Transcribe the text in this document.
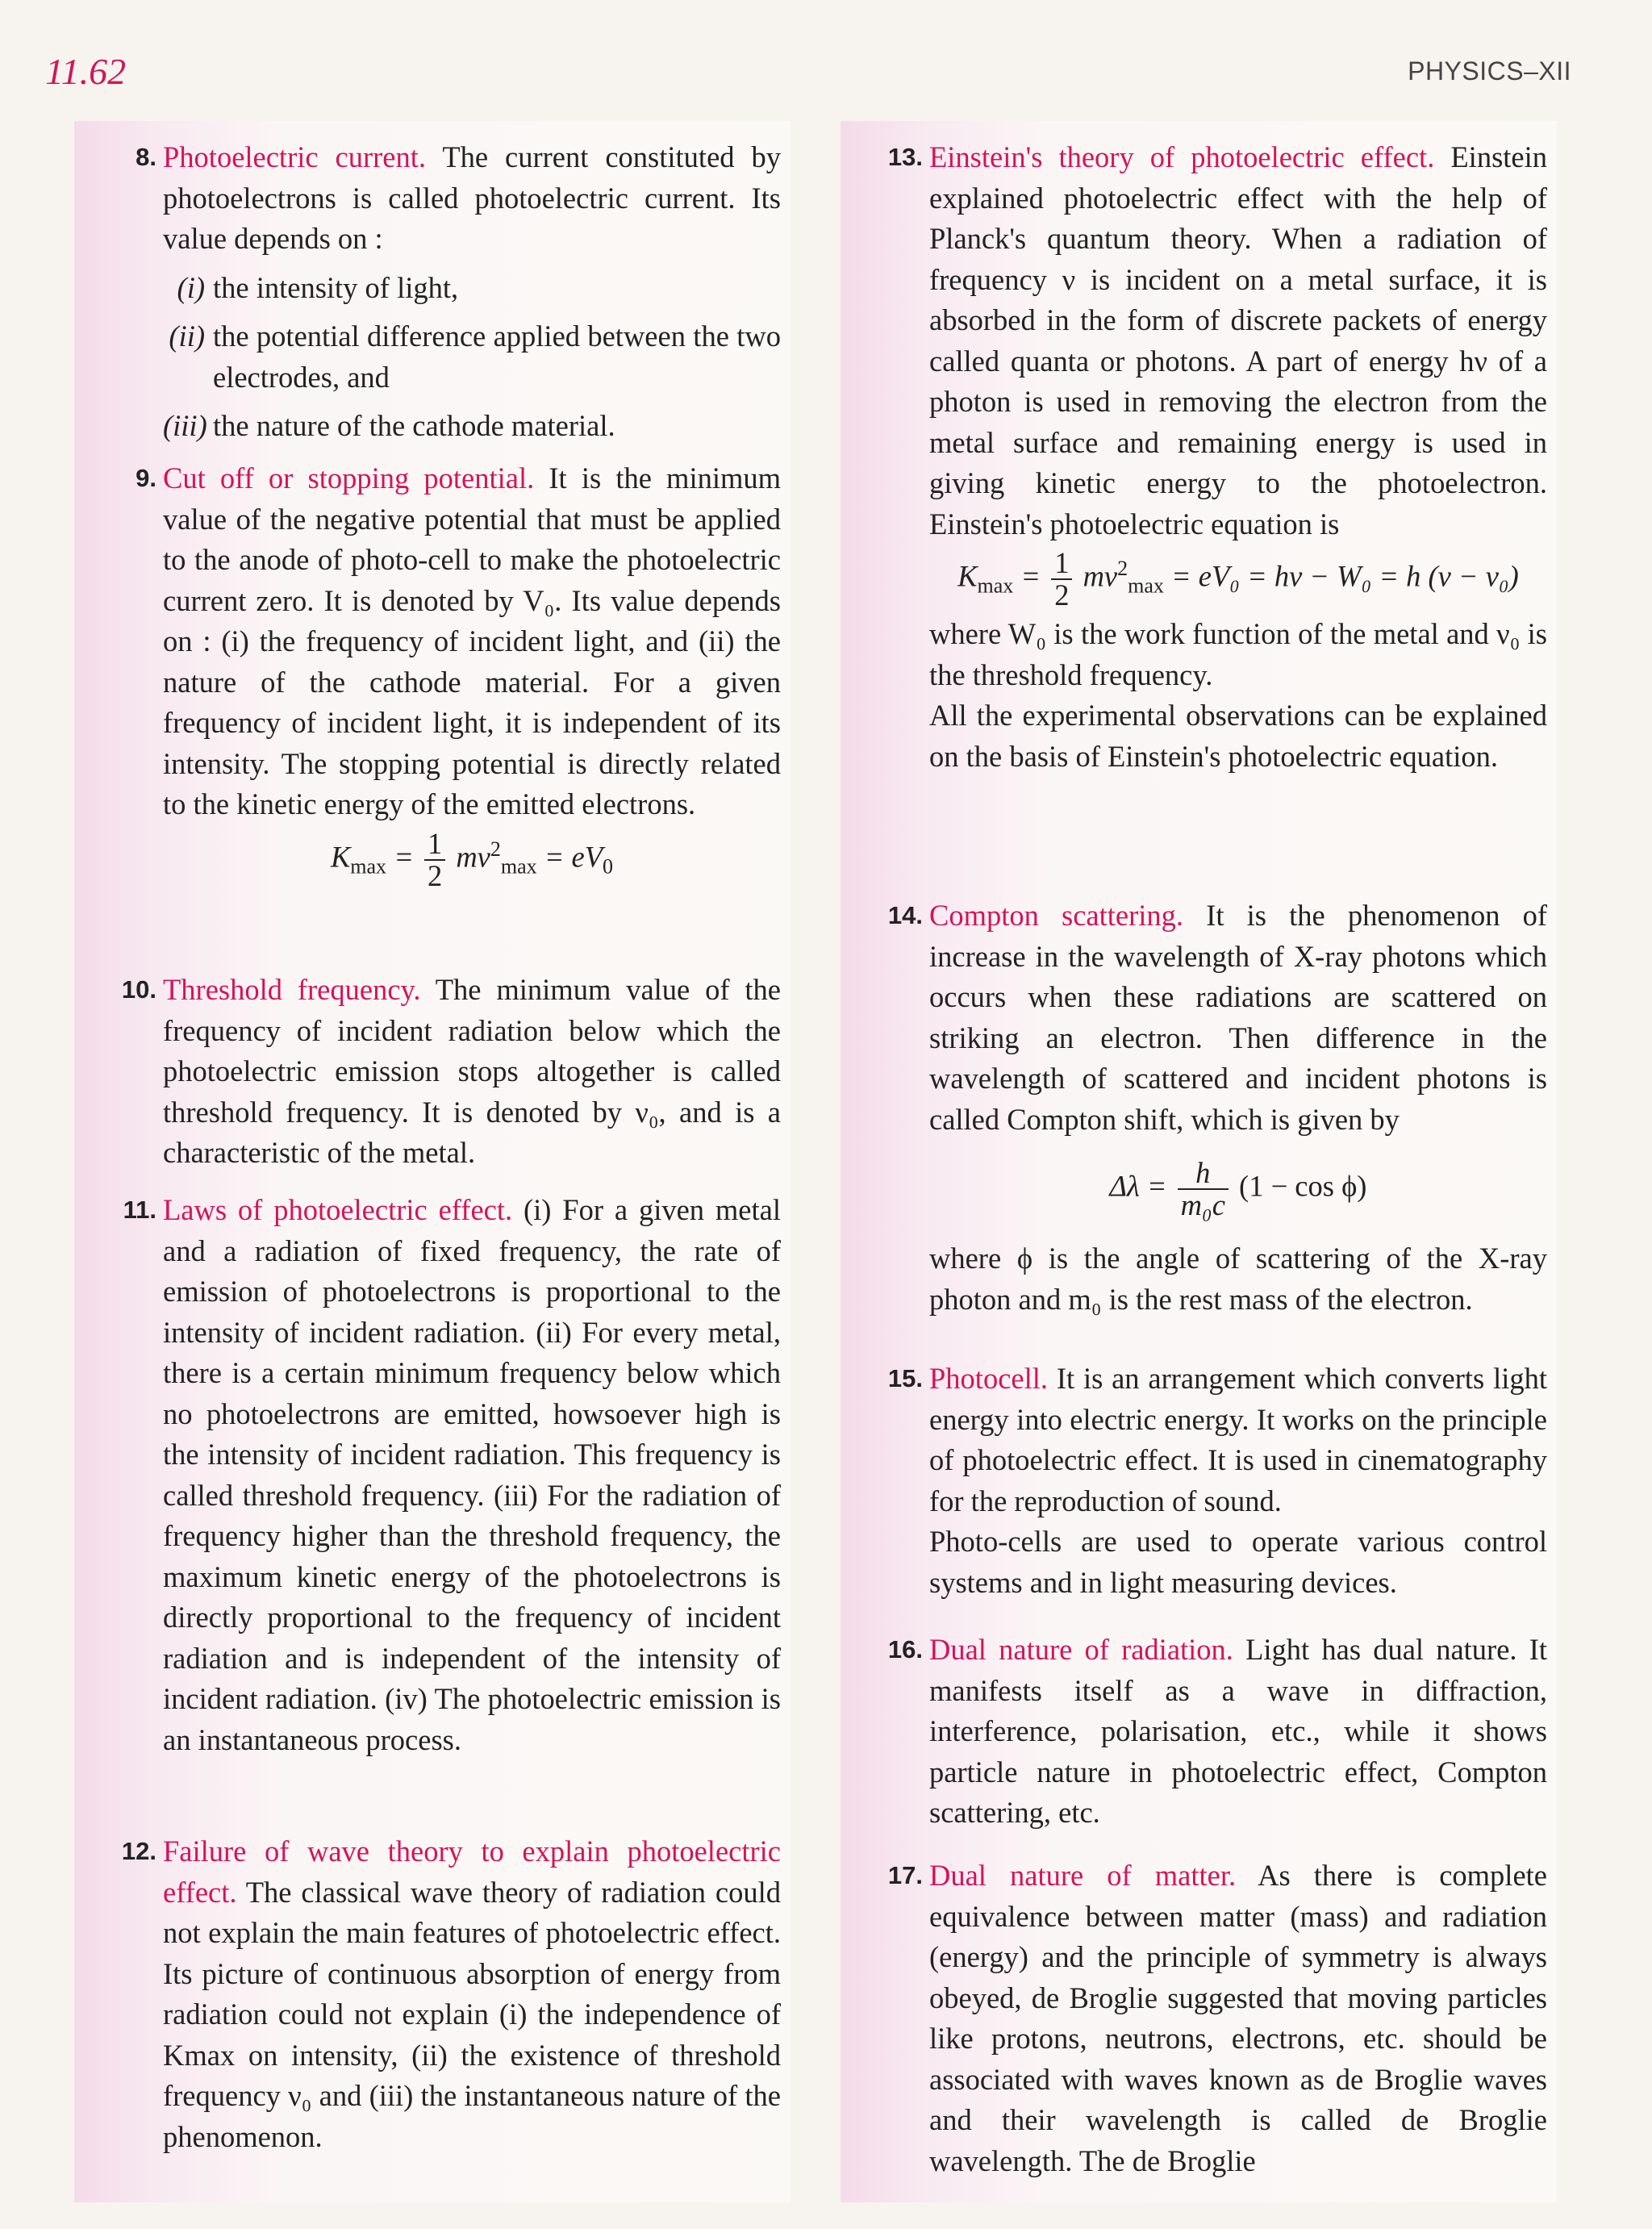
11.62	PHYSICS–XII
8. Photoelectric current. The current constituted by photoelectrons is called photoelectric current. Its value depends on :

(i) the intensity of light,
(ii) the potential difference applied between the two electrodes, and
(iii) the nature of the cathode material.
9. Cut off or stopping potential. It is the minimum value of the negative potential that must be applied to the anode of photo-cell to make the photoelectric current zero. It is denoted by V₀. Its value depends on : (i) the frequency of incident light, and (ii) the nature of the cathode material. For a given frequency of incident light, it is independent of its intensity. The stopping potential is directly related to the kinetic energy of the emitted electrons.

$K_{max} = \frac{1}{2} mv^2_{max} = eV_0$
10. Threshold frequency. The minimum value of the frequency of incident radiation below which the photoelectric emission stops altogether is called threshold frequency. It is denoted by ν₀, and is a characteristic of the metal.

11. Laws of photoelectric effect. (i) For a given metal and a radiation of fixed frequency, the rate of emission of photoelectrons is proportional to the intensity of incident radiation. (ii) For every metal, there is a certain minimum frequency below which no photoelectrons are emitted, howsoever high is the intensity of incident radiation. This frequency is called threshold frequency. (iii) For the radiation of frequency higher than the threshold frequency, the maximum kinetic energy of the photoelectrons is directly proportional to the frequency of incident radiation and is independent of the intensity of incident radiation. (iv) The photoelectric emission is an instantaneous process.

12. Failure of wave theory to explain photoelectric effect. The classical wave theory of radiation could not explain the main features of photoelectric effect. Its picture of continuous absorption of energy from radiation could not explain (i) the independence of Kmax on intensity, (ii) the existence of threshold frequency ν₀ and (iii) the instantaneous nature of the phenomenon.

13. Einstein's theory of photoelectric effect. Einstein explained photoelectric effect with the help of Planck's quantum theory. When a radiation of frequency ν is incident on a metal surface, it is absorbed in the form of discrete packets of energy called quanta or photons. A part of energy hν of a photon is used in removing the electron from the metal surface and remaining energy is used in giving kinetic energy to the photoelectron. Einstein's photoelectric equation is

$K_{max} = \frac{1}{2} mv^2_{max} = eV_0 = h\nu - W_0 = h$ (ν − ν₀)

where W₀ is the work function of the metal and ν₀ is the threshold frequency.

All the experimental observations can be explained on the basis of Einstein's photoelectric equation.

14. Compton scattering. It is the phenomenon of increase in the wavelength of X-ray photons which occurs when these radiations are scattered on striking an electron. Then difference in the wavelength of scattered and incident photons is called Compton shift, which is given by

$\Delta\lambda = \frac{h}{\text{m₀c}} (1 - \cos \phi)$

where ϕ is the angle of scattering of the X-ray photon and m₀ is the rest mass of the electron.

15. Photocell. It is an arrangement which converts light energy into electric energy. It works on the principle of photoelectric effect. It is used in cinematography for the reproduction of sound.

Photo-cells are used to operate various control systems and in light measuring devices.

16. Dual nature of radiation. Light has dual nature. It manifests itself as a wave in diffraction, interference, polarisation, etc., while it shows particle nature in photoelectric effect, Compton scattering, etc.

17. Dual nature of matter. As there is complete equivalence between matter (mass) and radiation (energy) and the principle of symmetry is always obeyed, de Broglie suggested that moving particles like protons, neutrons, electrons, etc. should be associated with waves known as de Broglie waves and their wavelength is called de Broglie wavelength. The de Broglie
